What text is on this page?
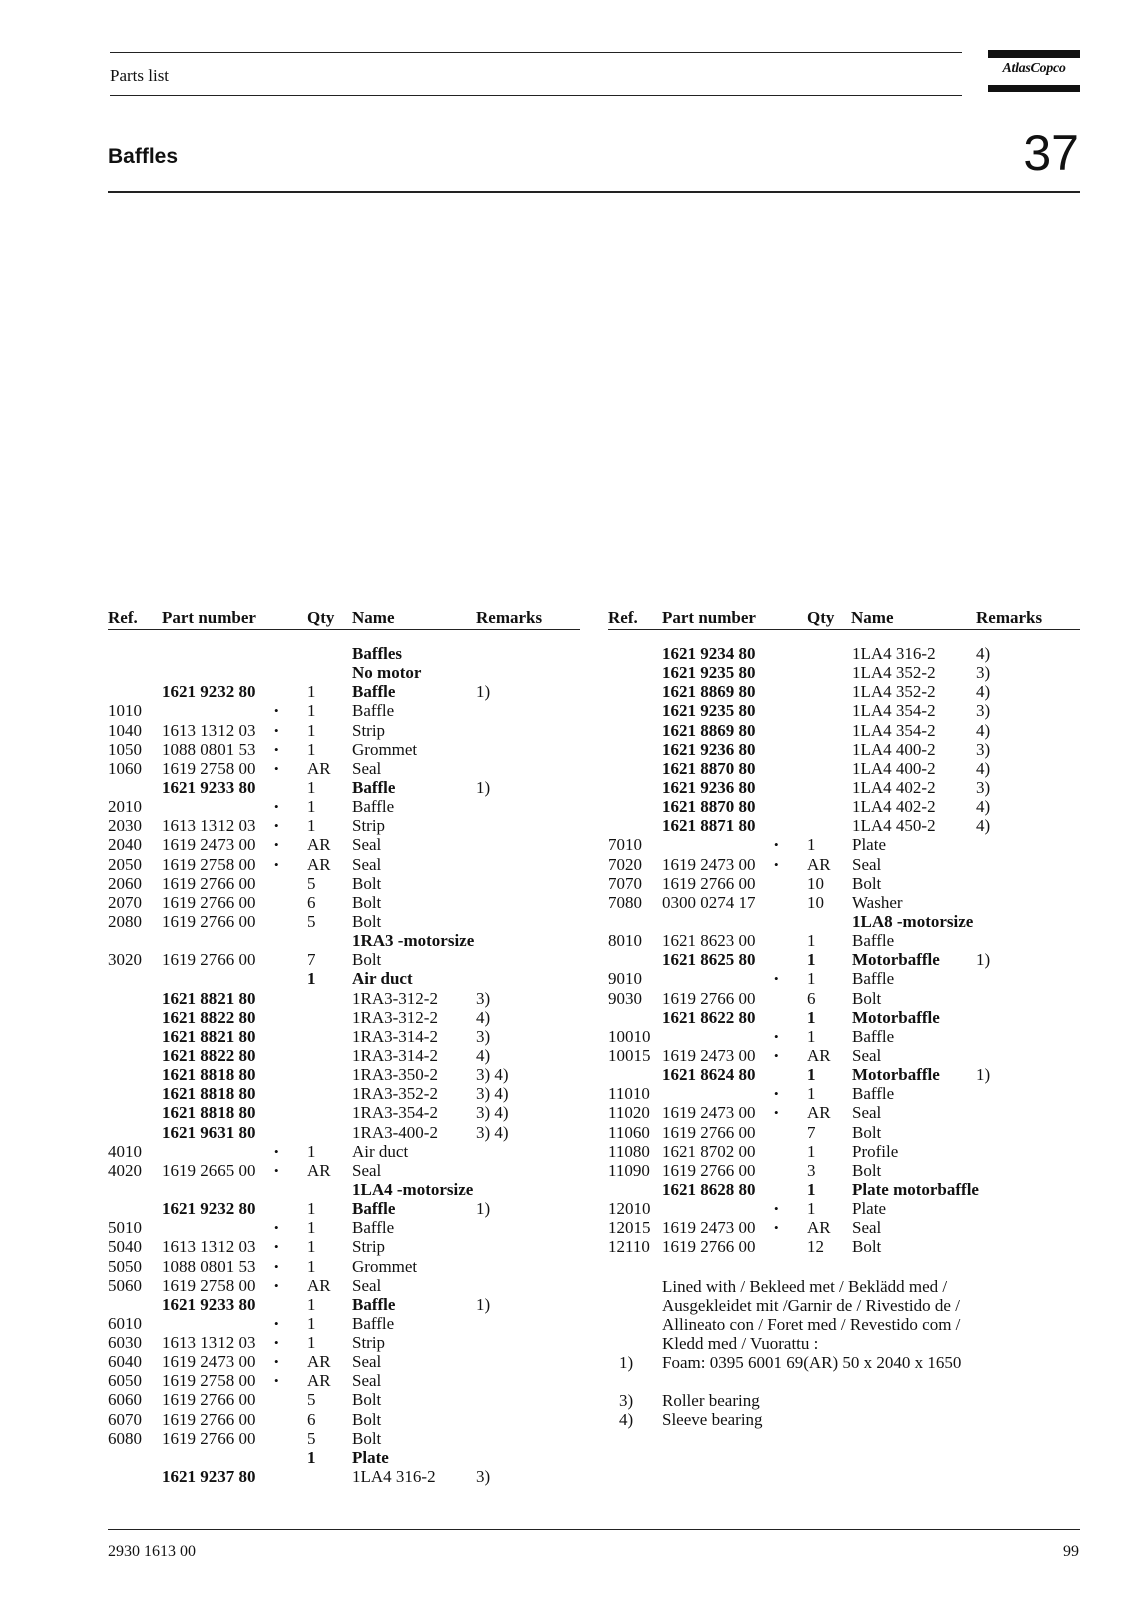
Parts list	AtlasCopco
Baffles	37
Ref. Part number	Qty Name	Remarks	Ref. Part number	Qty Name	Remarks
Baffles
No motor
1621 9232 80	1 Baffle	1)
1010	• 1 Baffle
1040 1613 1312 03 • 1 Strip
1050 1088 0801 53 • 1 Grommet
1060 1619 2758 00 • AR Seal
1621 9233 80	1 Baffle	1)
2010	• 1 Baffle
2030 1613 1312 03 • 1 Strip
2040 1619 2473 00 • AR Seal
2050 1619 2758 00 • AR Seal
2060 1619 2766 00	5 Bolt
2070 1619 2766 00	6 Bolt
2080 1619 2766 00	5 Bolt
1RA3 -motorsize
3020 1619 2766 00	7 Bolt
1 Air duct
1621 8821 80	1RA3-312-2 3)
1621 8822 80	1RA3-312-2 4)
1621 8821 80	1RA3-314-2 3)
1621 8822 80	1RA3-314-2 4)
1621 8818 80	1RA3-350-2 3) 4)
1621 8818 80	1RA3-352-2 3) 4)
1621 8818 80	1RA3-354-2 3) 4)
1621 9631 80	1RA3-400-2 3) 4)
4010	• 1 Air duct
4020 1619 2665 00 • AR Seal
1LA4 -motorsize
1621 9232 80	1 Baffle	1)
5010	• 1 Baffle
5040 1613 1312 03 • 1 Strip
5050 1088 0801 53 • 1 Grommet
5060 1619 2758 00 • AR Seal
1621 9233 80	1 Baffle	1)
6010	• 1 Baffle
6030 1613 1312 03 • 1 Strip
6040 1619 2473 00 • AR Seal
6050 1619 2758 00 • AR Seal
6060 1619 2766 00	5 Bolt
6070 1619 2766 00	6 Bolt
6080 1619 2766 00	5 Bolt
1 Plate
1621 9237 80	1LA4 316-2 3)
1621 9234 80	1LA4 316-2 4)
1621 9235 80	1LA4 352-2 3)
1621 8869 80	1LA4 352-2 4)
1621 9235 80	1LA4 354-2 3)
1621 8869 80	1LA4 354-2 4)
1621 9236 80	1LA4 400-2 3)
1621 8870 80	1LA4 400-2 4)
1621 9236 80	1LA4 402-2 3)
1621 8870 80	1LA4 402-2 4)
1621 8871 80	1LA4 450-2 4)
7010	• 1 Plate
7020 1619 2473 00 • AR Seal
7070 1619 2766 00	10 Bolt
7080 0300 0274 17	10 Washer
1LA8 -motorsize
8010 1621 8623 00	1 Baffle
1621 8625 80	1 Motorbaffle 1)
9010	• 1 Baffle
9030 1619 2766 00	6 Bolt
1621 8622 80	1 Motorbaffle
10010	• 1 Baffle
10015 1619 2473 00 • AR Seal
1621 8624 80	1 Motorbaffle 1)
11010	• 1 Baffle
11020 1619 2473 00 • AR Seal
11060 1619 2766 00	7 Bolt
11080 1621 8702 00	1 Profile
11090 1619 2766 00	3 Bolt
1621 8628 80	1 Plate motorbaffle
12010	• 1 Plate
12015 1619 2473 00 • AR Seal
12110 1619 2766 00	12 Bolt
Lined with / Bekleed met / Beklädd med /
Ausgekleidet mit /Garnir de / Rivestido de /
Allineato con / Foret med / Revestido com /
Kledd med / Vuorattu :
1) Foam: 0395 6001 69(AR) 50 x 2040 x 1650
3) Roller bearing
4) Sleeve bearing
2930 1613 00	99
